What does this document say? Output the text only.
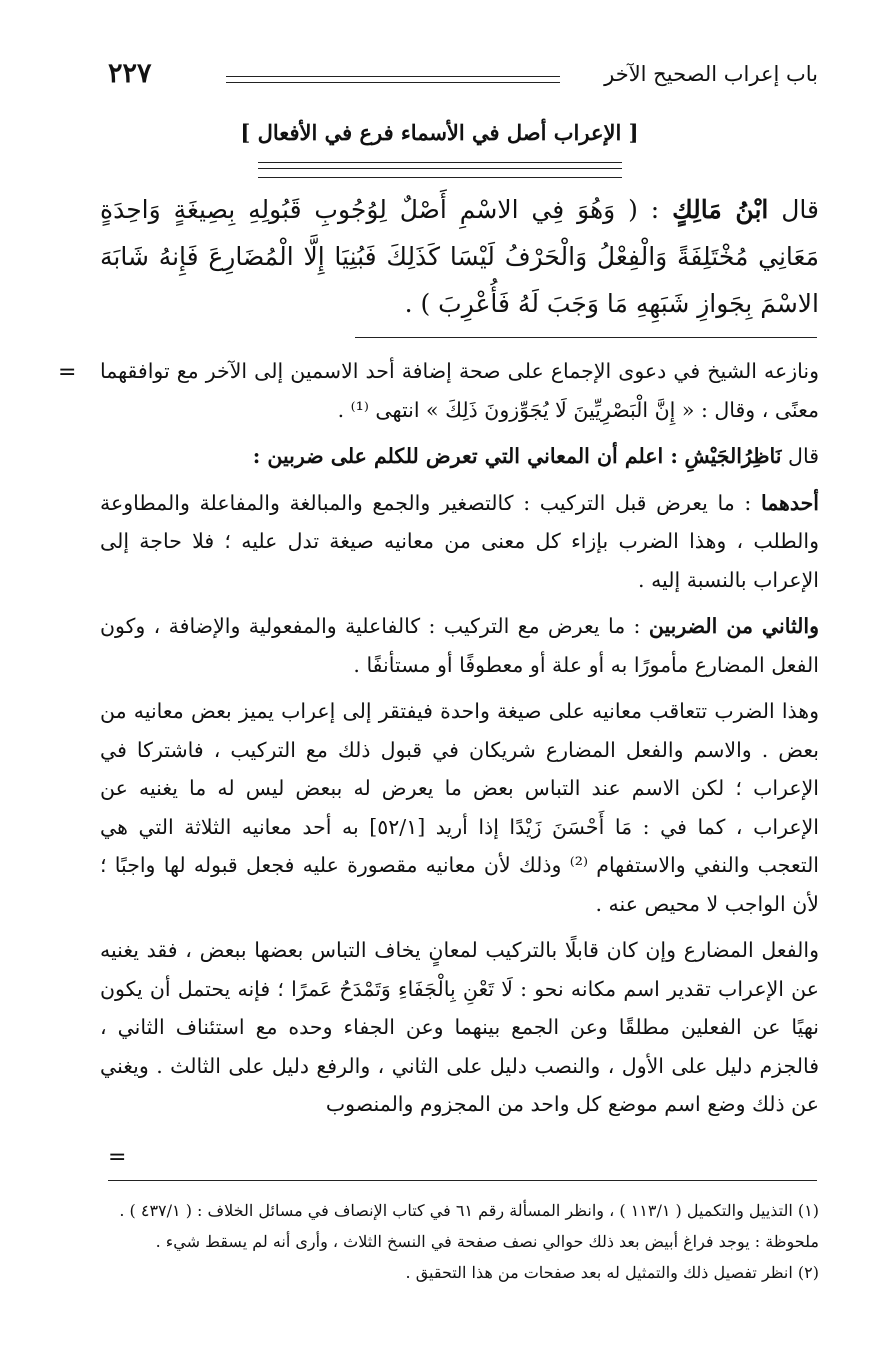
باب إعراب الصحيح الآخر
٢٢٧
[ الإعراب أصل في الأسماء فرع في الأفعال ]
قال ابْنُ مَالِكٍ : ( وَهُوَ فِي الاسْمِ أَصْلٌ لِوُجُوبِ قَبُولِهِ بِصِيغَةٍ وَاحِدَةٍ مَعَانِي مُخْتَلِفَةً وَالْفِعْلُ وَالْحَرْفُ لَيْسَا كَذَلِكَ فَبُنِيَا إِلَّا الْمُضَارِعَ فَإِنهُ شَابَهَ الاسْمَ بِجَوازِ شَبَهِهِ مَا وَجَبَ لَهُ فَأُعْرِبَ ) .
= ونازعه الشيخ في دعوى الإجماع على صحة إضافة أحد الاسمين إلى الآخر مع توافقهما معنًى ، وقال : « إِنَّ الْبَصْرِيِّينَ لَا يُجَوِّزونَ ذَلِكَ » انتهى ⁽¹⁾ .

قال نَاظِرُالجَيْشِ : اعلم أن المعاني التي تعرض للكلم على ضربين :

أحدهما : ما يعرض قبل التركيب : كالتصغير والجمع والمبالغة والمفاعلة والمطاوعة والطلب ، وهذا الضرب بإزاء كل معنى من معانيه صيغة تدل عليه ؛ فلا حاجة إلى الإعراب بالنسبة إليه .

والثاني من الضربين : ما يعرض مع التركيب : كالفاعلية والمفعولية والإضافة ، وكون الفعل المضارع مأمورًا به أو علة أو معطوفًا أو مستأنفًا .

وهذا الضرب تتعاقب معانيه على صيغة واحدة فيفتقر إلى إعراب يميز بعض معانيه من بعض . والاسم والفعل المضارع شريكان في قبول ذلك مع التركيب ، فاشتركا في الإعراب ؛ لكن الاسم عند التباس بعض ما يعرض له ببعض ليس له ما يغنيه عن الإعراب ، كما في : مَا أَحْسَنَ زَيْدًا إذا أريد [٥٢/١] به أحد معانيه الثلاثة التي هي التعجب والنفي والاستفهام ⁽²⁾ وذلك لأن معانيه مقصورة عليه فجعل قبوله لها واجبًا ؛ لأن الواجب لا محيص عنه .

والفعل المضارع وإن كان قابلًا بالتركيب لمعانٍ يخاف التباس بعضها ببعض ، فقد يغنيه عن الإعراب تقدير اسم مكانه نحو : لَا تَعْنِ بِالْجَفَاءِ وَتَمْدَحُ عَمرًا ؛ فإنه يحتمل أن يكون نهيًا عن الفعلين مطلقًا وعن الجمع بينهما وعن الجفاء وحده مع استئناف الثاني ، فالجزم دليل على الأول ، والنصب دليل على الثاني ، والرفع دليل على الثالث . ويغني عن ذلك وضع اسم موضع كل واحد من المجزوم والمنصوب

=
(١) التذييل والتكميل ( ١١٣/١ ) ، وانظر المسألة رقم ٦١ في كتاب الإنصاف في مسائل الخلاف : ( ٤٣٧/١ ) .
ملحوظة : يوجد فراغ أبيض بعد ذلك حوالي نصف صفحة في النسخ الثلاث ، وأرى أنه لم يسقط شيء .
(٢) انظر تفصيل ذلك والتمثيل له بعد صفحات من هذا التحقيق .
